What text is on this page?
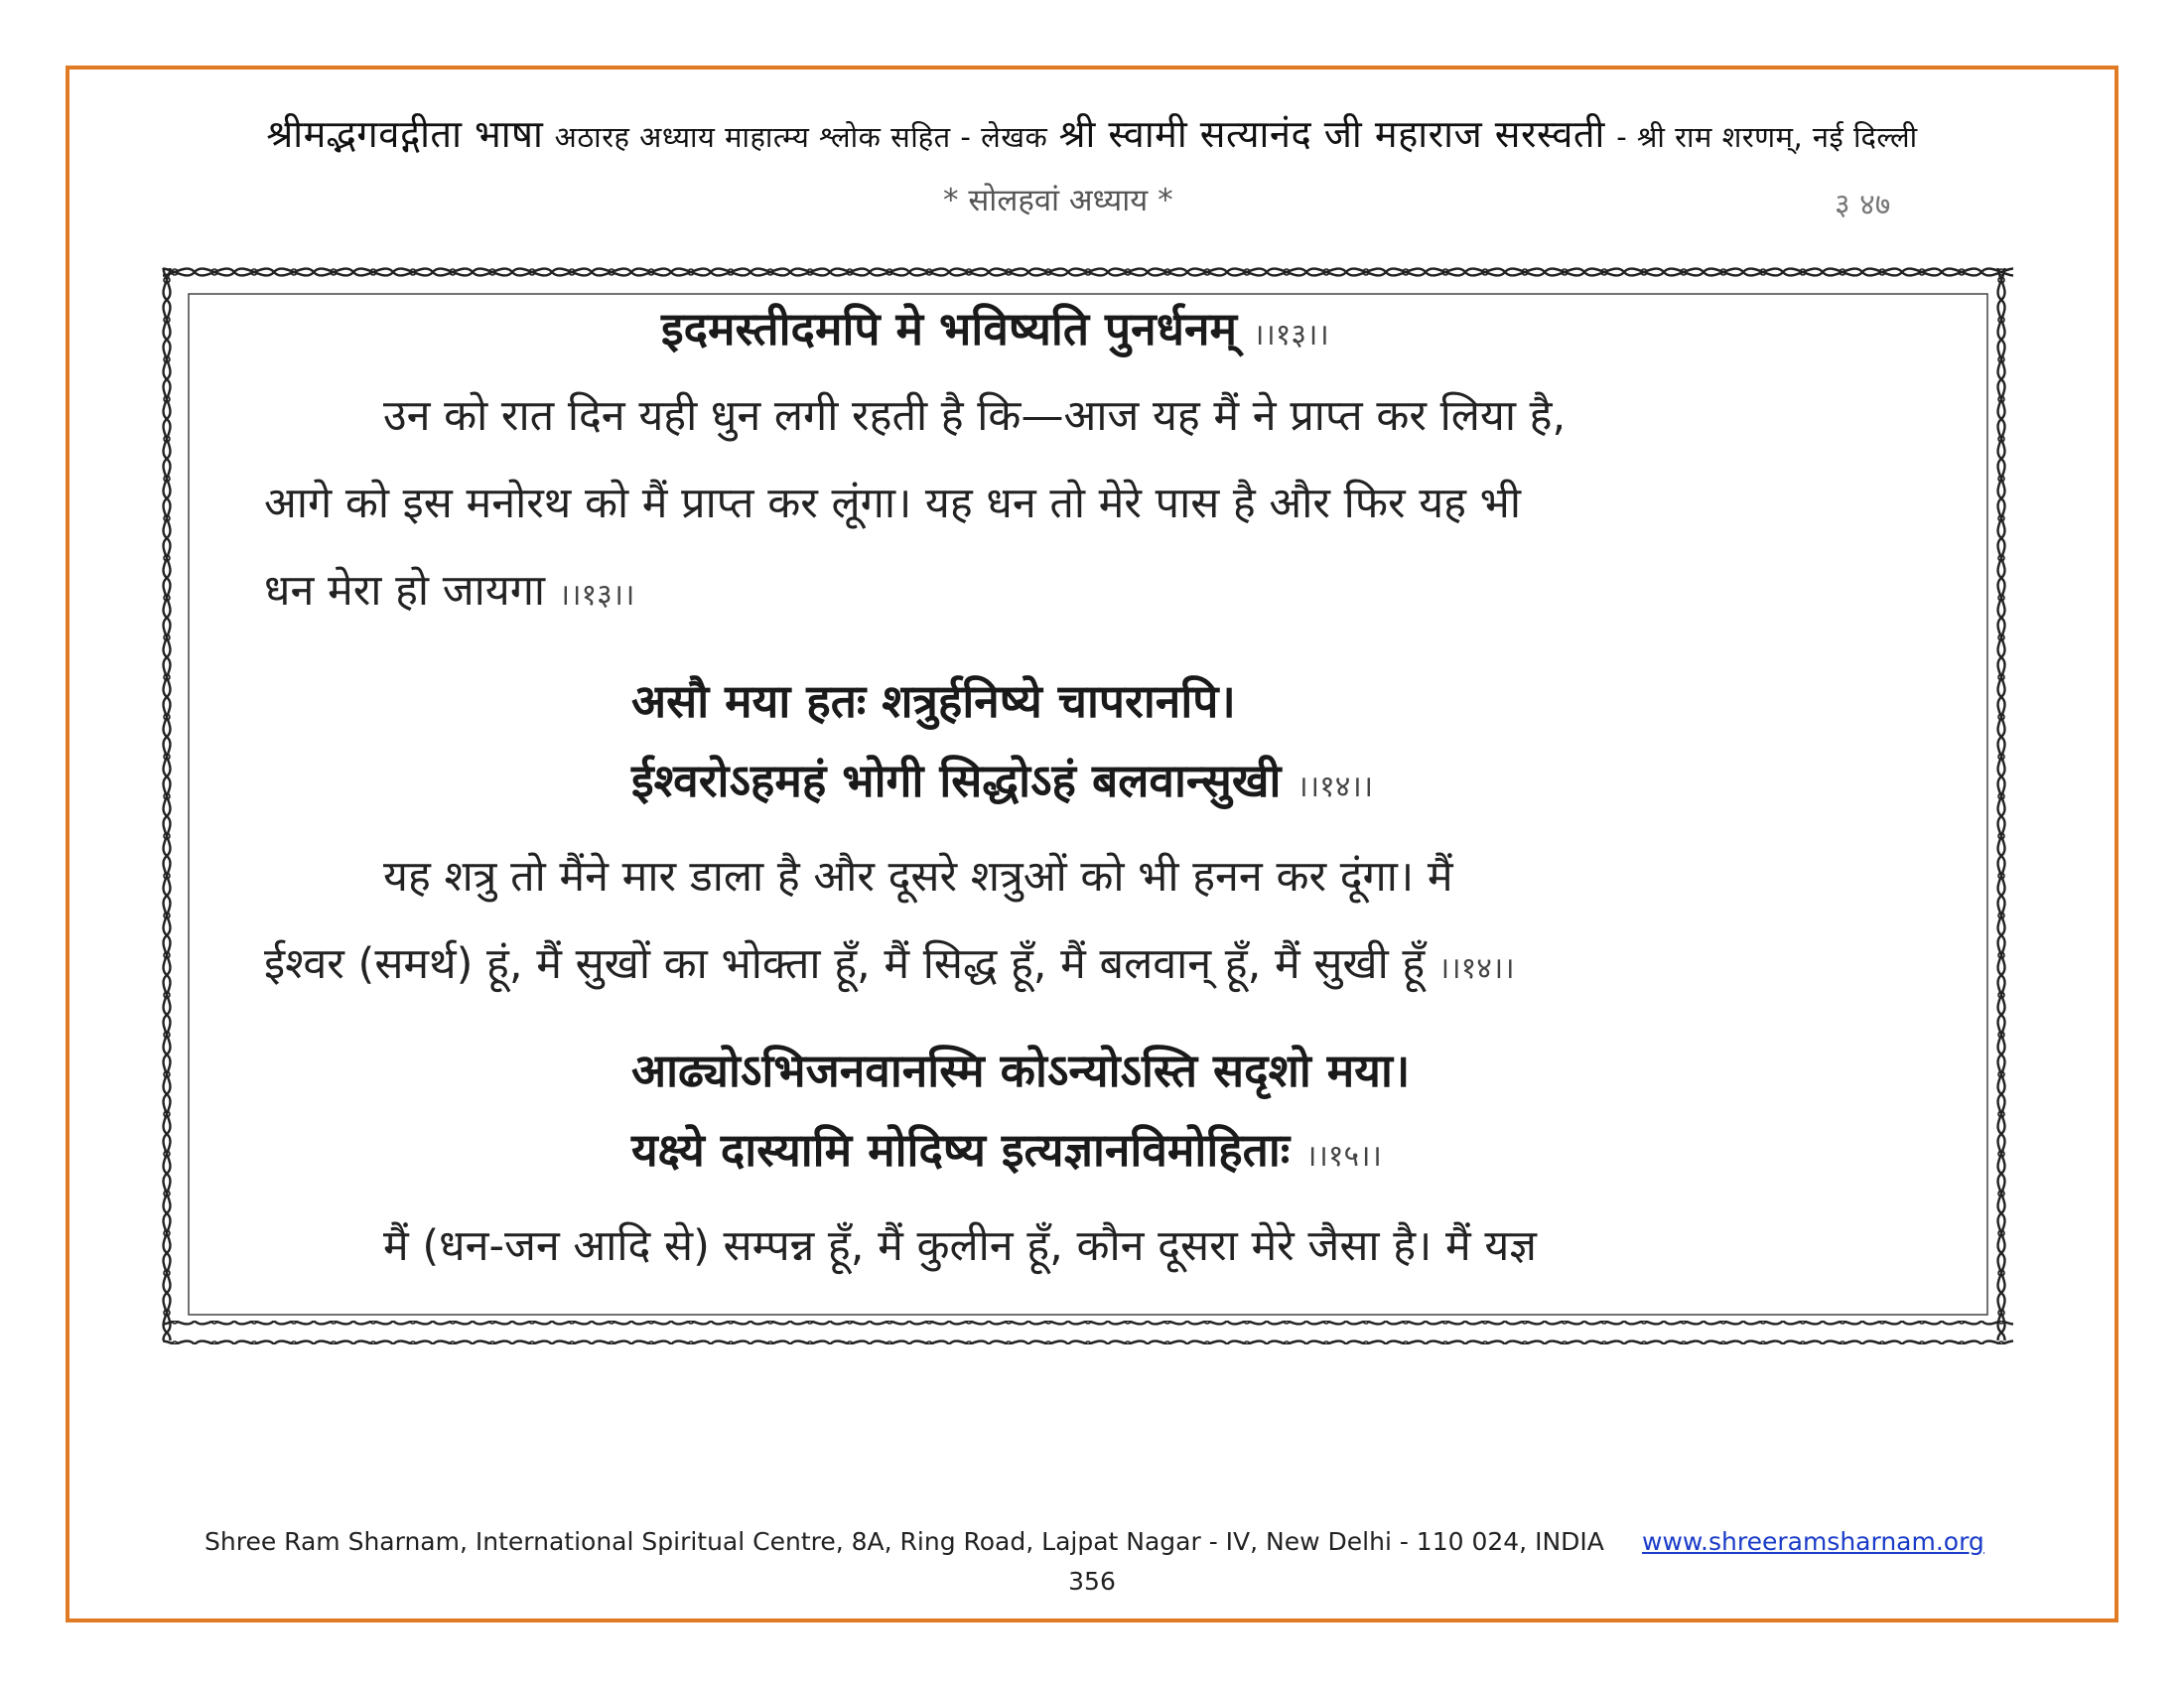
श्रीमद्भगवद्गीता भाषा अठारह अध्याय माहात्म्य श्लोक सहित - लेखक श्री स्वामी सत्यानंद जी महाराज सरस्वती - श्री राम शरणम्, नई दिल्ली
* सोलहवां अध्याय *	३ ४७
इदमस्तीदमपि मे भविष्यति पुनर्धनम् ।।१३।।
उन को रात दिन यही धुन लगी रहती है कि—आज यह मैं ने प्राप्त कर लिया है,
आगे को इस मनोरथ को मैं प्राप्त कर लूंगा। यह धन तो मेरे पास है और फिर यह भी
धन मेरा हो जायगा ।।१३।।
असौ मया हतः शत्रुर्हनिष्ये चापरानपि।
ईश्वरोऽहमहं भोगी सिद्धोऽहं बलवान्सुखी ।।१४।।
यह शत्रु तो मैंने मार डाला है और दूसरे शत्रुओं को भी हनन कर दूंगा। मैं
ईश्वर (समर्थ) हूं, मैं सुखों का भोक्ता हूँ, मैं सिद्ध हूँ, मैं बलवान् हूँ, मैं सुखी हूँ ।।१४।।
आढ्योऽभिजनवानस्मि कोऽन्योऽस्ति सदृशो मया।
यक्ष्ये दास्यामि मोदिष्य इत्यज्ञानविमोहिताः ।।१५।।
मैं (धन-जन आदि से) सम्पन्न हूँ, मैं कुलीन हूँ, कौन दूसरा मेरे जैसा है। मैं यज्ञ
Shree Ram Sharnam, International Spiritual Centre, 8A, Ring Road, Lajpat Nagar - IV, New Delhi - 110 024, INDIA www.shreeramsharnam.org
356
